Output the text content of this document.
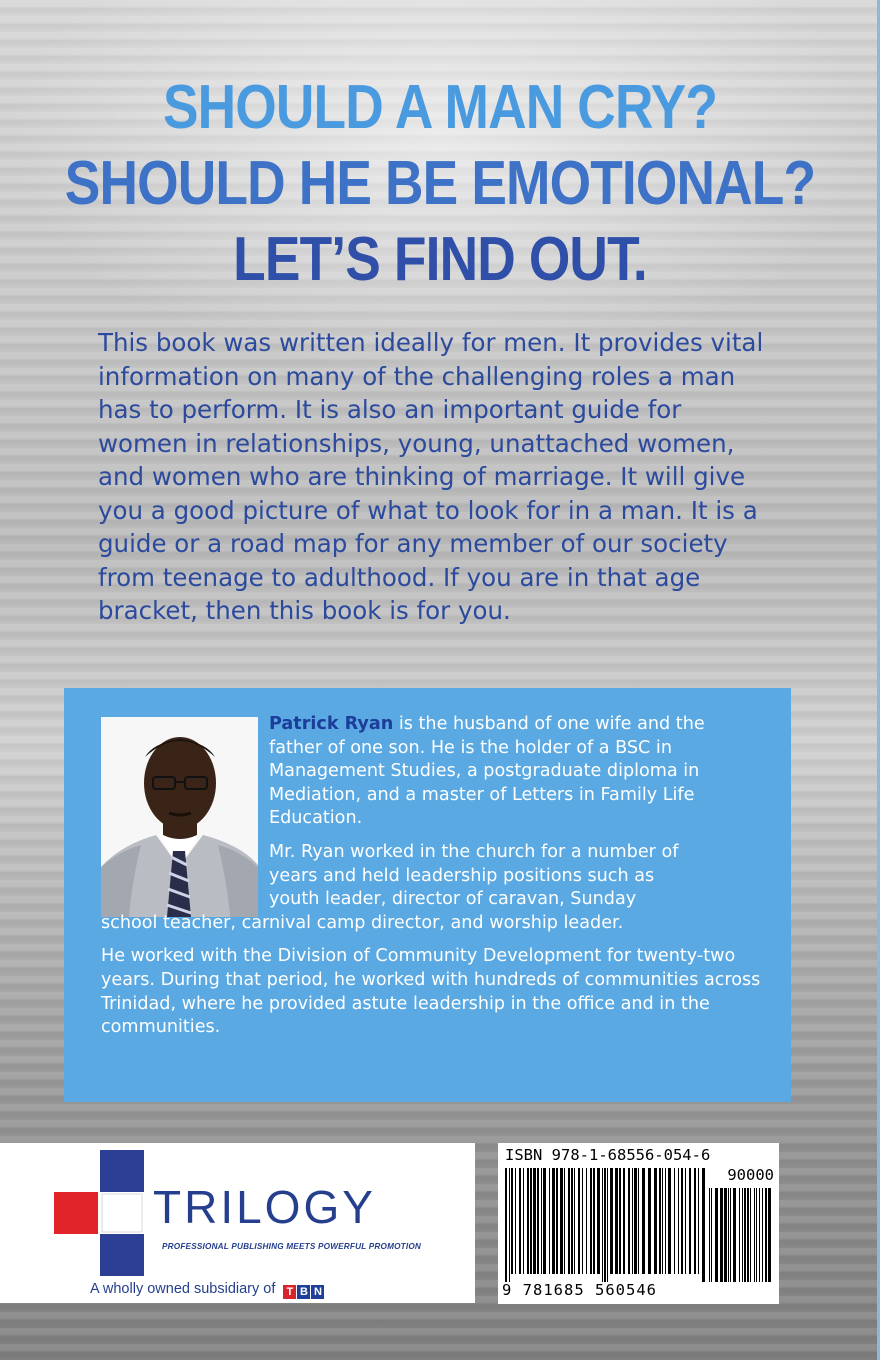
SHOULD A MAN CRY?
SHOULD HE BE EMOTIONAL?
LET’S FIND OUT.

This book was written ideally for men. It provides vital information on many of the challenging roles a man has to perform. It is also an important guide for women in relationships, young, unattached women, and women who are thinking of marriage. It will give you a good picture of what to look for in a man. It is a guide or a road map for any member of our society from teenage to adulthood. If you are in that age bracket, then this book is for you.

Patrick Ryan is the husband of one wife and the father of one son. He is the holder of a BSC in Management Studies, a postgraduate diploma in Mediation, and a master of Letters in Family Life Education.

Mr. Ryan worked in the church for a number of
years and held leadership positions such as
youth leader, director of caravan, Sunday
school teacher, carnival camp director, and worship leader.

He worked with the Division of Community Development for twenty-two years. During that period, he worked with hundreds of communities across Trinidad, where he provided astute leadership in the office and in the communities.

TRILOGY
PROFESSIONAL PUBLISHING MEETS POWERFUL PROMOTION
A wholly owned subsidiary of T B N
ISBN 978-1-68556-054-6
90000
9 781685 560546
